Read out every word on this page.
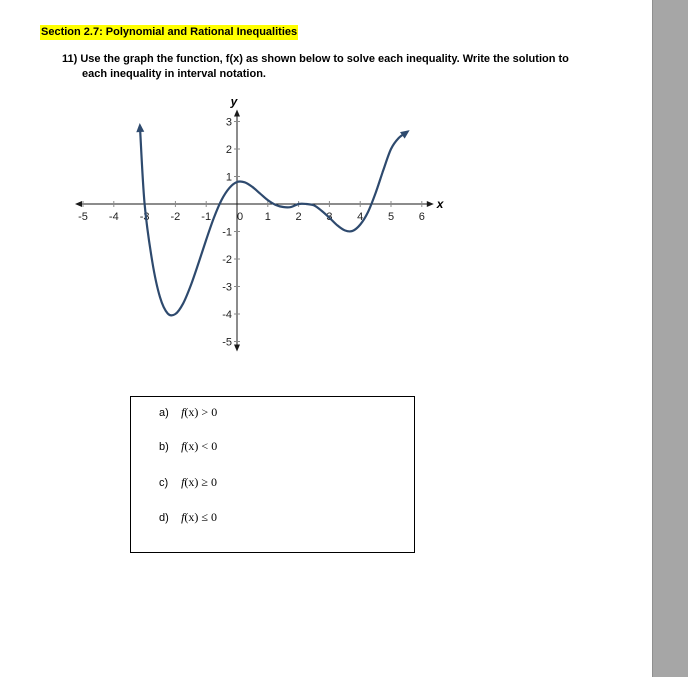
Section 2.7: Polynomial and Rational Inequalities
11) Use the graph the function, f(x) as shown below to solve each inequality. Write the solution to
each inequality in interval notation.
x
y
-5 -4 -3 -2 -1 0 1 2 3 4 5 6
3
2
1
-1
-2
-3
-4
-5
a) f(x) > 0
b) f(x) < 0
c) f(x) ≥ 0
d) f(x) ≤ 0
